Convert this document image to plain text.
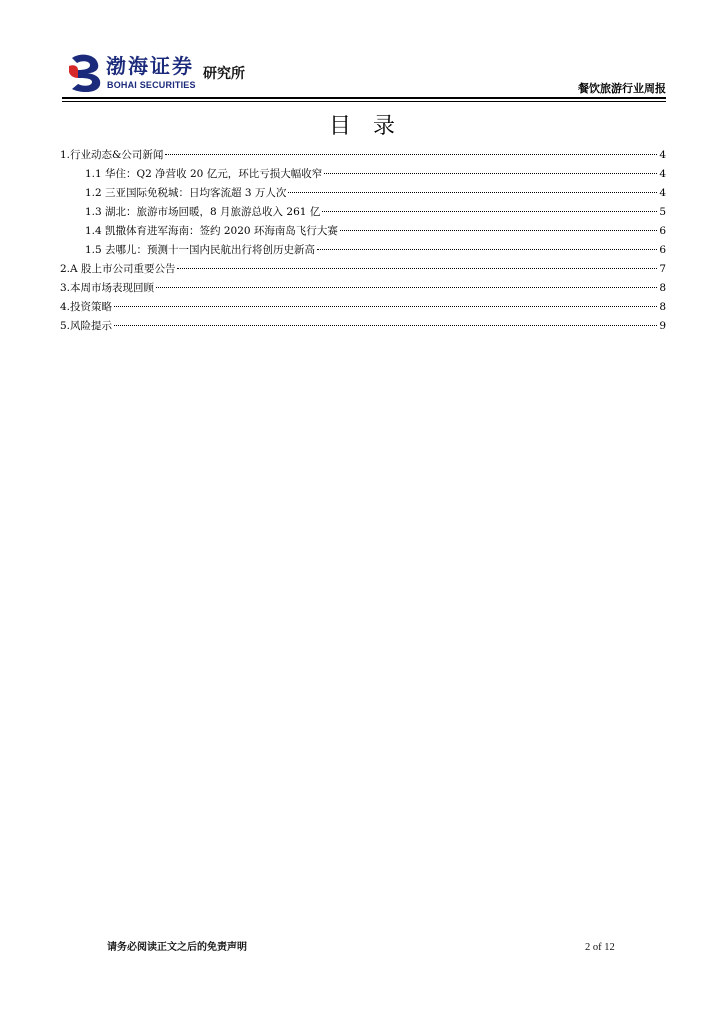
渤海证券
BOHAI SECURITIES
研究所
餐饮旅游行业周报
目录
1.行业动态&公司新闻	4
1.1 华住：Q2 净营收 20 亿元，环比亏损大幅收窄	4
1.2 三亚国际免税城：日均客流超 3 万人次	4
1.3 湖北：旅游市场回暖，8 月旅游总收入 261 亿	5
1.4 凯撒体育进军海南：签约 2020 环海南岛飞行大赛	6
1.5 去哪儿：预测十一国内民航出行将创历史新高	6
2.A 股上市公司重要公告	7
3.本周市场表现回顾	8
4.投资策略	8
5.风险提示	9
请务必阅读正文之后的免责声明	2 of 12
